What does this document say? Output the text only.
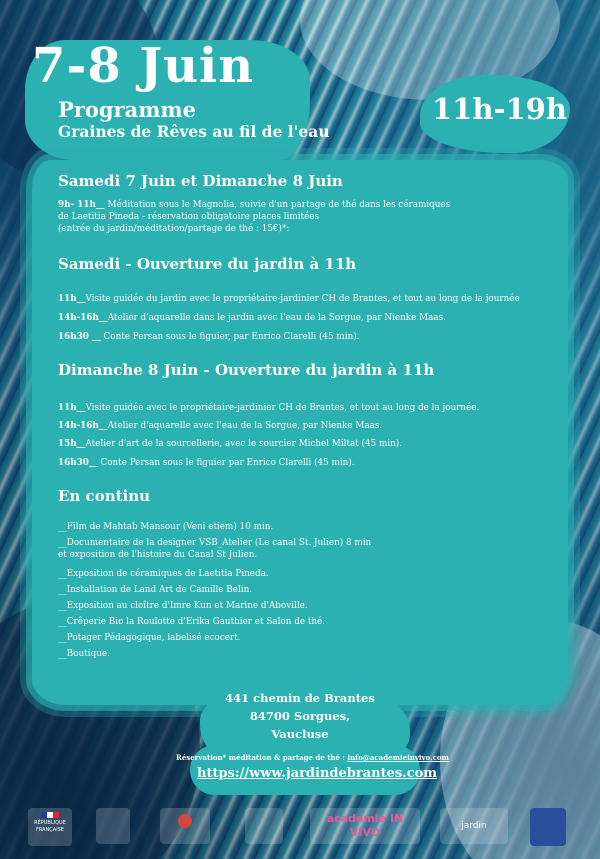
7-8 Juin
Programme
Graines de Rêves au fil de l'eau
11h-19h
Samedi 7 Juin et Dimanche 8 Juin
9h- 11h__ Méditation sous le Magnolia, suivie d'un partage de thé dans les céramiques
de Laetitia Pineda - réservation obligatoire places limitées
(entrée du jardin/méditation/partage de thé : 15€)*:
Samedi - Ouverture du jardin à 11h
11h__Visite guidée du jardin avec le propriétaire-jardinier CH de Brantes, et tout au long de la journée
14h-16h__Atelier d'aquarelle dans le jardin avec l'eau de la Sorgue, par Nienke Maas.
16h30 __ Conte Persan sous le figuier, par Enrico Clarelli (45 min).
Dimanche 8 Juin - Ouverture du jardin à 11h
11h__Visite guidée avec le propriétaire-jardinier CH de Brantes, et tout au long de la journée.
14h-16h__Atelier d'aquarelle avec l'eau de la Sorgue, par Nienke Maas.
15h__Atelier d'art de la sourcellerie, avec le sourcier Michel Miltat (45 min).
16h30__ Conte Persan sous le figuier par Enrico Clarelli (45 min).
En continu
__Film de Mahtab Mansour (Veni etiem) 10 min.
__Documentaire de la designer VSB_Atelier (Le canal St. Julien) 8 min
et exposition de l'histoire du Canal St Julien.
__Exposition de céramiques de Laetitia Pineda.
__Installation de Land Art de Camille Belin.
__Exposition au cloître d'Imre Kun et Marine d'Aboville.
__Crêperie Bio la Roulotte d'Erika Gauthier et Salon de thé.
__Potager Pédagogique, labelisé ecocert.
__Boutique.
441 chemin de Brantes
84700 Sorgues,
Vaucluse
Réservation* méditation & partage de thé : info@academieinvivo.com
https://www.jardindebrantes.com
RÉPUBLIQUE FRANÇAISE
académie IN VIVO	jardin
